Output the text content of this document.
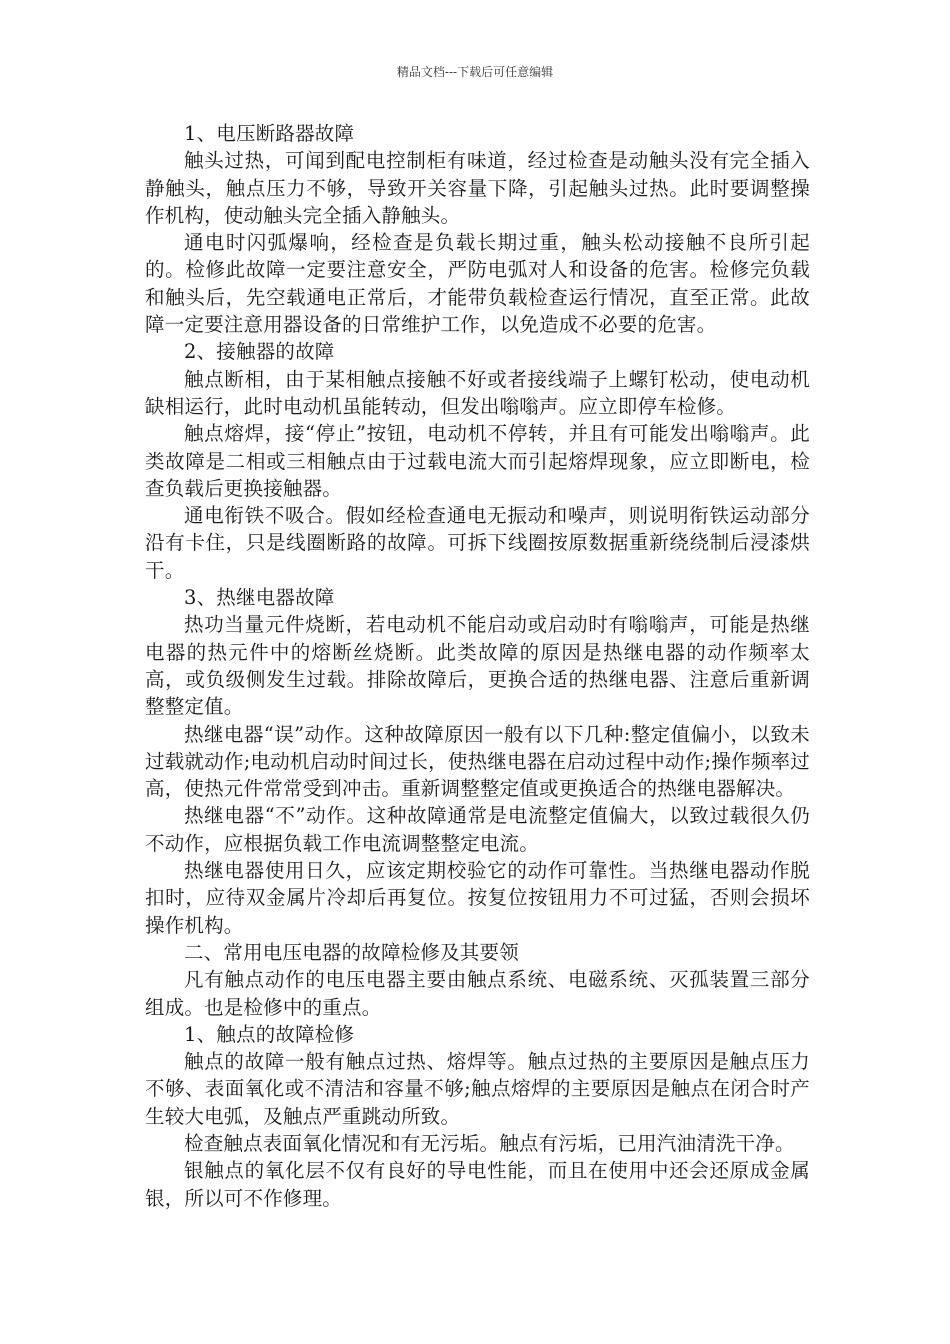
精品文档---下载后可任意编辑

1、电压断路器故障

触头过热，可闻到配电控制柜有味道，经过检查是动触头没有完全插入静触头，触点压力不够，导致开关容量下降，引起触头过热。此时要调整操作机构，使动触头完全插入静触头。

通电时闪弧爆响，经检查是负载长期过重，触头松动接触不良所引起的。检修此故障一定要注意安全，严防电弧对人和设备的危害。检修完负载和触头后，先空载通电正常后，才能带负载检查运行情况，直至正常。此故障一定要注意用器设备的日常维护工作，以免造成不必要的危害。

2、接触器的故障

触点断相，由于某相触点接触不好或者接线端子上螺钉松动，使电动机缺相运行，此时电动机虽能转动，但发出嗡嗡声。应立即停车检修。

触点熔焊，接“停止”按钮，电动机不停转，并且有可能发出嗡嗡声。此类故障是二相或三相触点由于过载电流大而引起熔焊现象，应立即断电，检查负载后更换接触器。

通电衔铁不吸合。假如经检查通电无振动和噪声，则说明衔铁运动部分沿有卡住，只是线圈断路的故障。可拆下线圈按原数据重新绕绕制后浸漆烘干。

3、热继电器故障

热功当量元件烧断，若电动机不能启动或启动时有嗡嗡声，可能是热继电器的热元件中的熔断丝烧断。此类故障的原因是热继电器的动作频率太高，或负级侧发生过载。排除故障后，更换合适的热继电器、注意后重新调整整定值。

热继电器“误”动作。这种故障原因一般有以下几种:整定值偏小，以致未过载就动作;电动机启动时间过长，使热继电器在启动过程中动作;操作频率过高，使热元件常常受到冲击。重新调整整定值或更换适合的热继电器解决。

热继电器“不”动作。这种故障通常是电流整定值偏大，以致过载很久仍不动作，应根据负载工作电流调整整定电流。

热继电器使用日久，应该定期校验它的动作可靠性。当热继电器动作脱扣时，应待双金属片冷却后再复位。按复位按钮用力不可过猛，否则会损坏操作机构。

二、常用电压电器的故障检修及其要领

凡有触点动作的电压电器主要由触点系统、电磁系统、灭孤装置三部分组成。也是检修中的重点。

1、触点的故障检修

触点的故障一般有触点过热、熔焊等。触点过热的主要原因是触点压力不够、表面氧化或不清洁和容量不够;触点熔焊的主要原因是触点在闭合时产生较大电弧，及触点严重跳动所致。

检查触点表面氧化情况和有无污垢。触点有污垢，已用汽油清洗干净。

银触点的氧化层不仅有良好的导电性能，而且在使用中还会还原成金属银，所以可不作修理。
